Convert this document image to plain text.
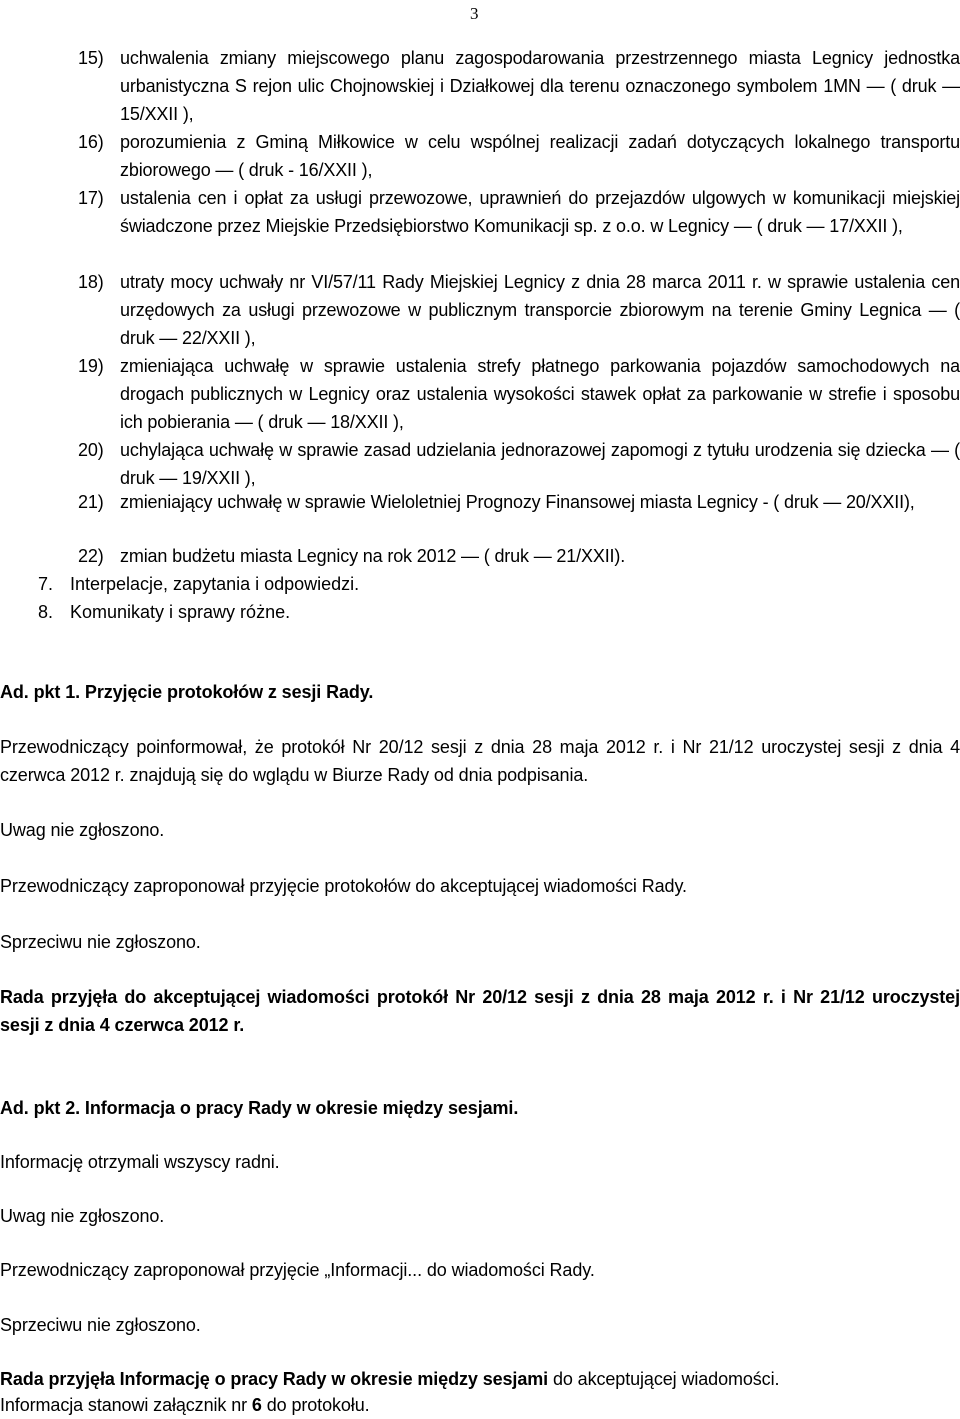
3
15) uchwalenia zmiany miejscowego planu zagospodarowania przestrzennego miasta Legnicy jednostka urbanistyczna S rejon ulic Chojnowskiej i Działkowej dla terenu oznaczonego symbolem 1MN — ( druk — 15/XXII ),
16) porozumienia z Gminą Miłkowice w celu wspólnej realizacji zadań dotyczących lokalnego transportu zbiorowego — ( druk - 16/XXII ),
17) ustalenia cen i opłat za usługi przewozowe, uprawnień do przejazdów ulgowych w komunikacji miejskiej świadczone przez Miejskie Przedsiębiorstwo Komunikacji sp. z o.o. w Legnicy — ( druk — 17/XXII ),
18) utraty mocy uchwały nr VI/57/11 Rady Miejskiej Legnicy z dnia 28 marca 2011 r. w sprawie ustalenia cen urzędowych za usługi przewozowe w publicznym transporcie zbiorowym na terenie Gminy Legnica — ( druk — 22/XXII ),
19) zmieniająca uchwałę w sprawie ustalenia strefy płatnego parkowania pojazdów samochodowych na drogach publicznych w Legnicy oraz ustalenia wysokości stawek opłat za parkowanie w strefie i sposobu ich pobierania — ( druk — 18/XXII ),
20) uchylająca uchwałę w sprawie zasad udzielania jednorazowej zapomogi z tytułu urodzenia się dziecka — ( druk — 19/XXII ),
21) zmieniający uchwałę w sprawie Wieloletniej Prognozy Finansowej miasta Legnicy - ( druk — 20/XXII),
22) zmian budżetu miasta Legnicy na rok 2012 — ( druk — 21/XXII).
7. Interpelacje, zapytania i odpowiedzi.
8. Komunikaty i sprawy różne.
Ad. pkt 1. Przyjęcie protokołów z sesji Rady.
Przewodniczący poinformował, że protokół Nr 20/12 sesji z dnia 28 maja 2012 r. i Nr 21/12 uroczystej sesji z dnia 4 czerwca 2012 r. znajdują się do wglądu w Biurze Rady od dnia podpisania.
Uwag nie zgłoszono.
Przewodniczący zaproponował przyjęcie protokołów do akceptującej wiadomości Rady.
Sprzeciwu nie zgłoszono.
Rada przyjęła do akceptującej wiadomości protokół Nr 20/12 sesji z dnia 28 maja 2012 r. i Nr 21/12 uroczystej sesji z dnia 4 czerwca 2012 r.
Ad. pkt 2. Informacja o pracy Rady w okresie między sesjami.
Informację otrzymali wszyscy radni.
Uwag nie zgłoszono.
Przewodniczący zaproponował przyjęcie „Informacji... do wiadomości Rady.
Sprzeciwu nie zgłoszono.
Rada przyjęła Informację o pracy Rady w okresie między sesjami do akceptującej wiadomości.
Informacja stanowi załącznik nr 6 do protokołu.
